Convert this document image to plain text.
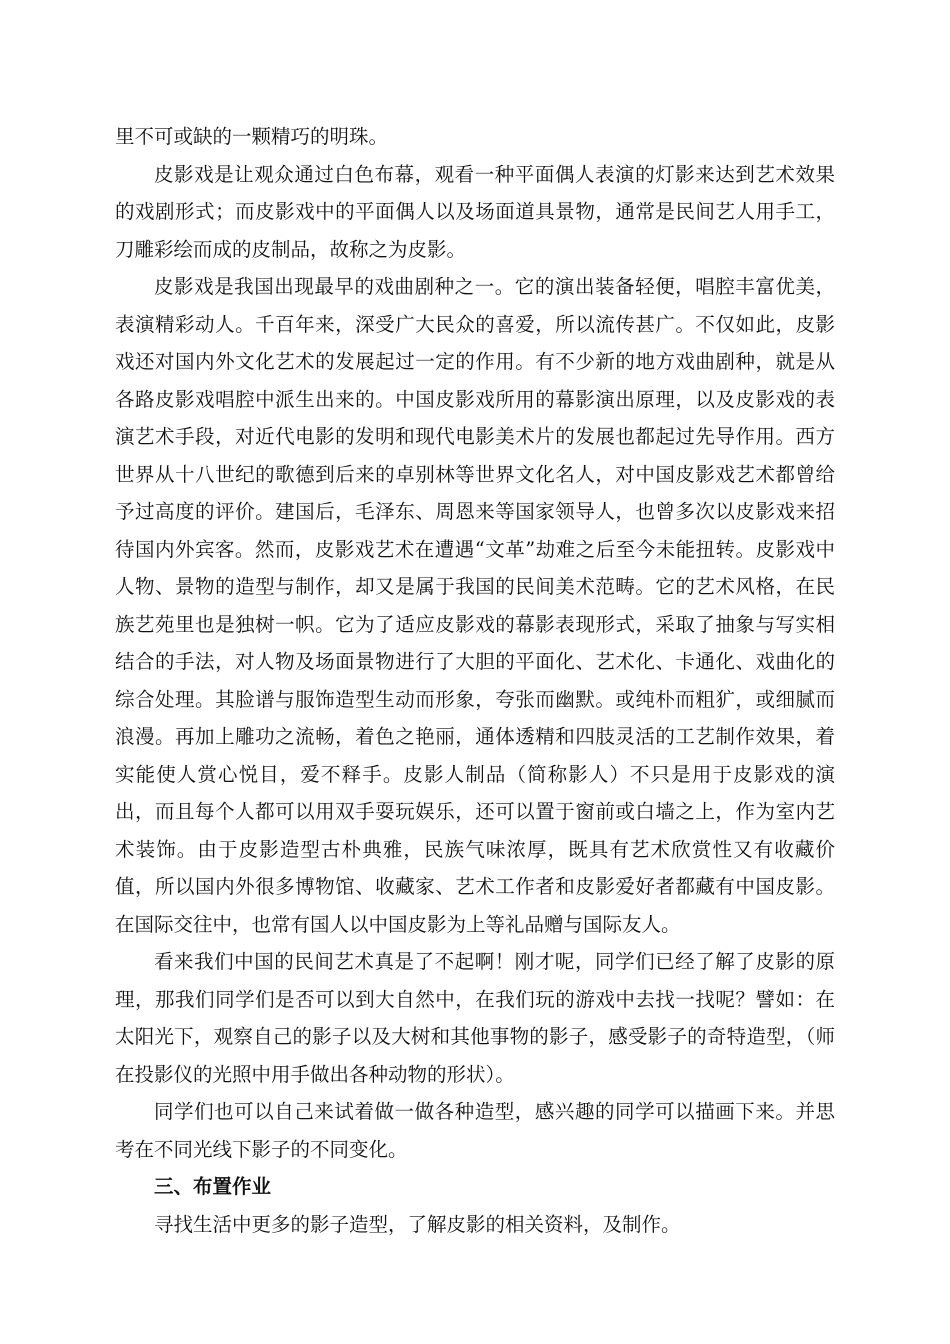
里不可或缺的一颗精巧的明珠。

皮影戏是让观众通过白色布幕，观看一种平面偶人表演的灯影来达到艺术效果的戏剧形式；而皮影戏中的平面偶人以及场面道具景物，通常是民间艺人用手工，刀雕彩绘而成的皮制品，故称之为皮影。

皮影戏是我国出现最早的戏曲剧种之一。它的演出装备轻便，唱腔丰富优美，表演精彩动人。千百年来，深受广大民众的喜爱，所以流传甚广。不仅如此，皮影戏还对国内外文化艺术的发展起过一定的作用。有不少新的地方戏曲剧种，就是从各路皮影戏唱腔中派生出来的。中国皮影戏所用的幕影演出原理，以及皮影戏的表演艺术手段，对近代电影的发明和现代电影美术片的发展也都起过先导作用。西方世界从十八世纪的歌德到后来的卓别林等世界文化名人，对中国皮影戏艺术都曾给予过高度的评价。建国后，毛泽东、周恩来等国家领导人，也曾多次以皮影戏来招待国内外宾客。然而，皮影戏艺术在遭遇“文革”劫难之后至今未能扭转。皮影戏中人物、景物的造型与制作，却又是属于我国的民间美术范畴。它的艺术风格，在民族艺苑里也是独树一帜。它为了适应皮影戏的幕影表现形式，采取了抽象与写实相结合的手法，对人物及场面景物进行了大胆的平面化、艺术化、卡通化、戏曲化的综合处理。其脸谱与服饰造型生动而形象，夸张而幽默。或纯朴而粗犷，或细腻而浪漫。再加上雕功之流畅，着色之艳丽，通体透精和四肢灵活的工艺制作效果，着实能使人赏心悦目，爱不释手。皮影人制品（简称影人）不只是用于皮影戏的演出，而且每个人都可以用双手耍玩娱乐，还可以置于窗前或白墙之上，作为室内艺术装饰。由于皮影造型古朴典雅，民族气味浓厚，既具有艺术欣赏性又有收藏价值，所以国内外很多博物馆、收藏家、艺术工作者和皮影爱好者都藏有中国皮影。在国际交往中，也常有国人以中国皮影为上等礼品赠与国际友人。

看来我们中国的民间艺术真是了不起啊！刚才呢，同学们已经了解了皮影的原理，那我们同学们是否可以到大自然中，在我们玩的游戏中去找一找呢？譬如：在太阳光下，观察自己的影子以及大树和其他事物的影子，感受影子的奇特造型，（师在投影仪的光照中用手做出各种动物的形状）。

同学们也可以自己来试着做一做各种造型，感兴趣的同学可以描画下来。并思考在不同光线下影子的不同变化。

三、布置作业

寻找生活中更多的影子造型，了解皮影的相关资料，及制作。
